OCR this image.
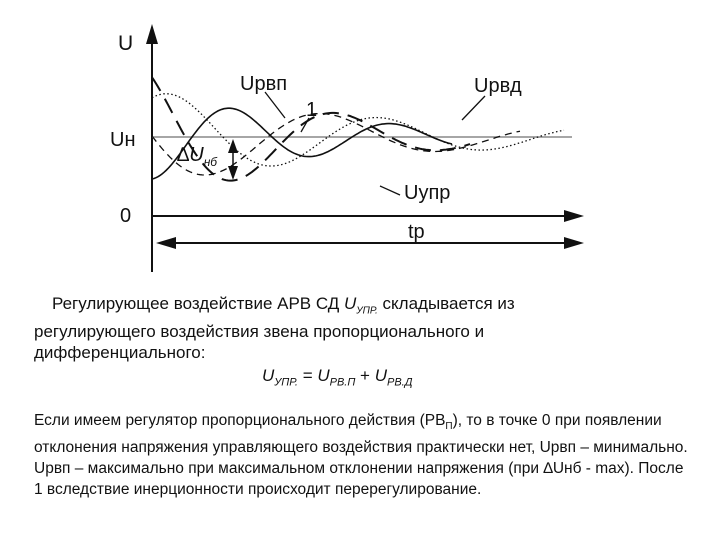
U
Uн
0
tр
1
Uрвп	Uрвд
Uупр
$\Delta U_{нб}$
Регулирующее воздействие АРВ СД $U_{УПР.}$ складывается из
регулирующего воздействия звена пропорционального и
дифференциального:
$U_{УПР.} = U_{РВ.П} + U_{РВ.Д}$
Если имеем регулятор пропорционального действия $(РВ_П)$, то в точке 0 при появлении отклонения напряжения управляющего воздействия практически нет, Uрвп – минимально. Uрвп – максимально при максимальном отклонении напряжения (при ∆Uнб - max). После 1 вследствие инерционности происходит перерегулирование.
